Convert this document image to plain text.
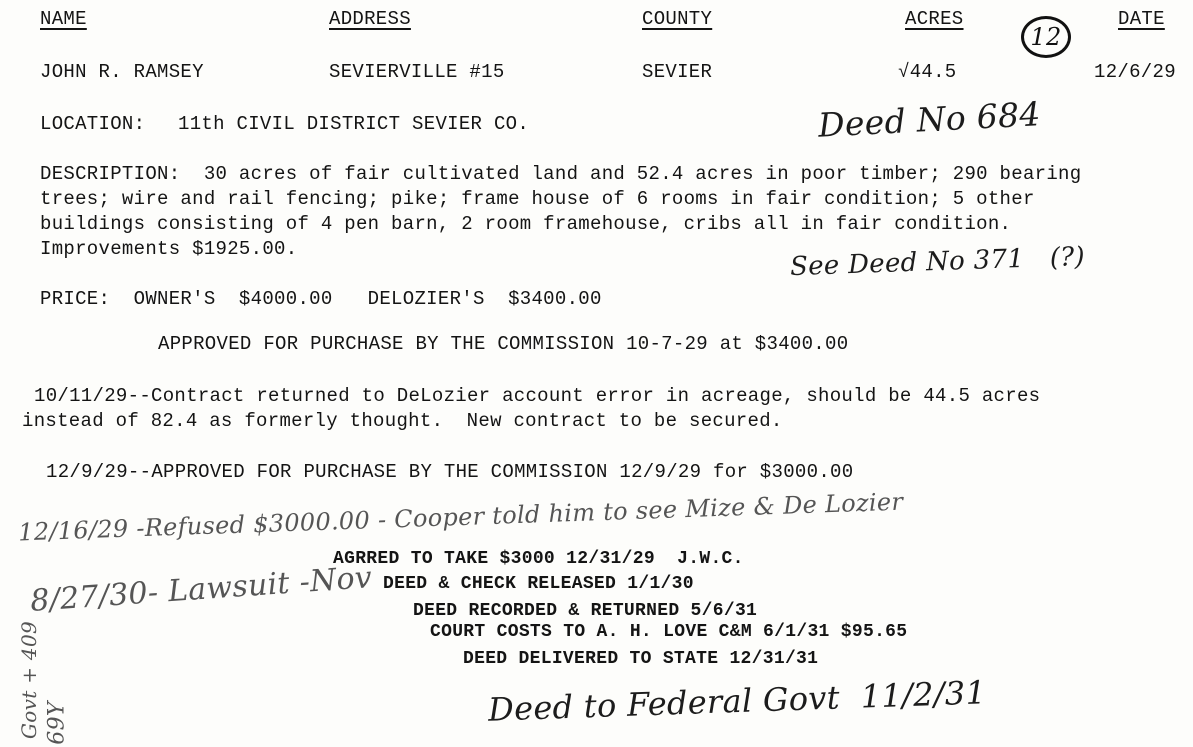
NAME	ADDRESS	COUNTY	ACRES	DATE
12
JOHN R. RAMSEY	SEVIERVILLE #15	SEVIER	√44.5	12/6/29
LOCATION: 11th CIVIL DISTRICT SEVIER CO.	Deed No 684
DESCRIPTION:  30 acres of fair cultivated land and 52.4 acres in poor timber; 290 bearing
trees; wire and rail fencing; pike; frame house of 6 rooms in fair condition; 5 other
buildings consisting of 4 pen barn, 2 room framehouse, cribs all in fair condition.
Improvements $1925.00.	See Deed No 371   (?)
PRICE:  OWNER'S  $4000.00   DELOZIER'S  $3400.00
APPROVED FOR PURCHASE BY THE COMMISSION 10-7-29 at $3400.00
10/11/29--Contract returned to DeLozier account error in acreage, should be 44.5 acres
instead of 82.4 as formerly thought.  New contract to be secured.
12/9/29--APPROVED FOR PURCHASE BY THE COMMISSION 12/9/29 for $3000.00
12/16/29 -Refused $3000.00 - Cooper told him to see Mize & De Lozier
AGRRED TO TAKE $3000 12/31/29  J.W.C.
DEED & CHECK RELEASED 1/1/30
DEED RECORDED & RETURNED 5/6/31
COURT COSTS TO A. H. LOVE C&M 6/1/31 $95.65
DEED DELIVERED TO STATE 12/31/31
8/27/30- Lawsuit -Nov
Deed to Federal Govt  11/2/31
Govt + 409 69Y
